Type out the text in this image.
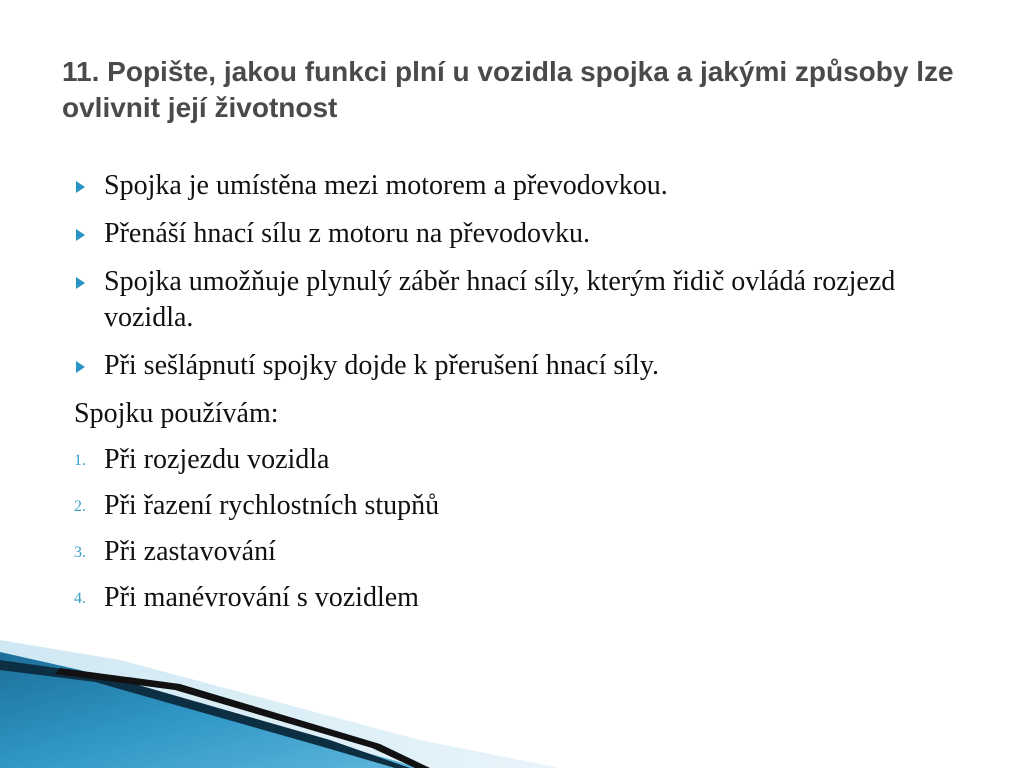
11. Popište, jakou funkci plní u vozidla spojka a jakými způsoby lze ovlivnit její životnost
Spojka je umístěna mezi motorem a převodovkou.
Přenáší hnací sílu z motoru na převodovku.
Spojka umožňuje plynulý záběr hnací síly, kterým řidič ovládá rozjezd vozidla.
Při sešlápnutí spojky dojde k přerušení hnací síly.
Spojku používám:
1. Při rozjezdu vozidla
2. Při řazení rychlostních stupňů
3. Při zastavování
4. Při manévrování s vozidlem
